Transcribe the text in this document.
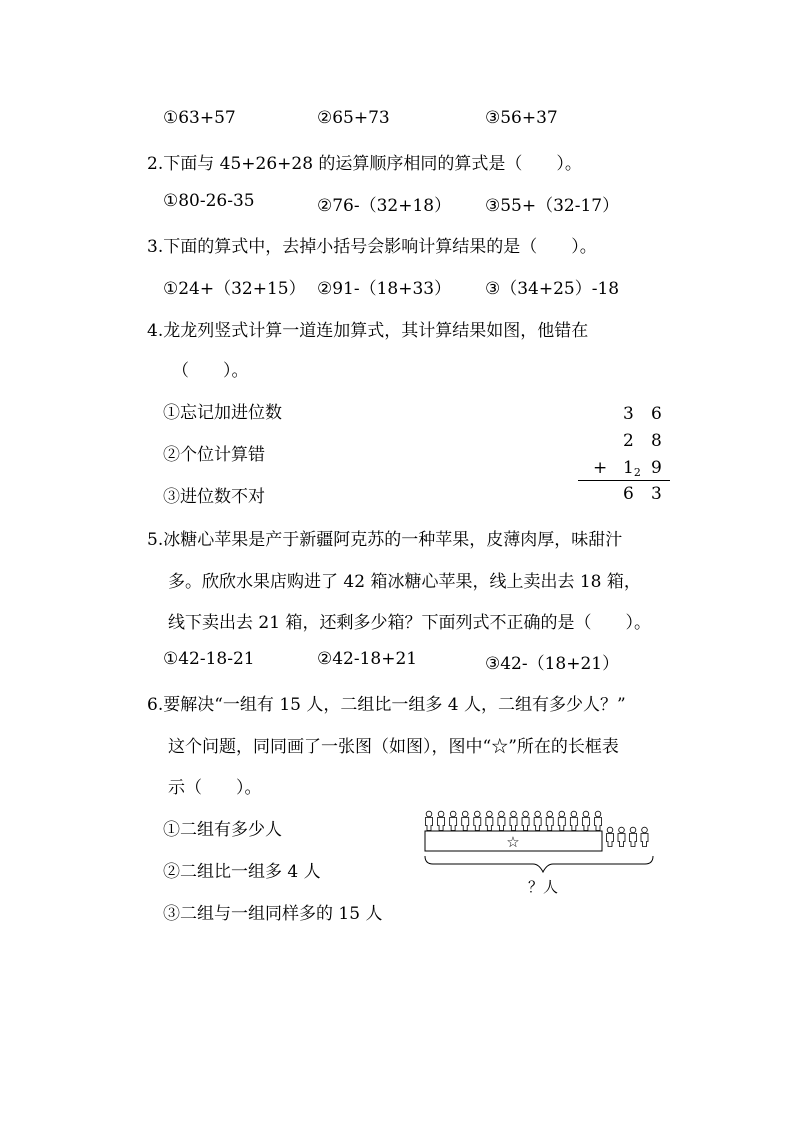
①63+57	②65+73	③56+37
2.下面与 45+26+28 的运算顺序相同的算式是（　　）。
①80-26-35	②76-（32+18） ③55+（32-17）
3.下面的算式中，去掉小括号会影响计算结果的是（　　）。
①24+（32+15） ②91-（18+33） ③（34+25）-18
4.龙龙列竖式计算一道连加算式，其计算结果如图，他错在
（　　）。
①忘记加进位数
②个位计算错
③进位数不对
3 6
2 8
+ 12 9
6 3
5.冰糖心苹果是产于新疆阿克苏的一种苹果，皮薄肉厚，味甜汁
多。欣欣水果店购进了 42 箱冰糖心苹果，线上卖出去 18 箱，
线下卖出去 21 箱，还剩多少箱？下面列式不正确的是（　　）。
①42-18-21	②42-18+21	③42-（18+21）
6.要解决“一组有 15 人，二组比一组多 4 人，二组有多少人？”
这个问题，同同画了一张图（如图），图中“☆”所在的长框表
示（　　）。
①二组有多少人
②二组比一组多 4 人
③二组与一组同样多的 15 人
☆
？人
